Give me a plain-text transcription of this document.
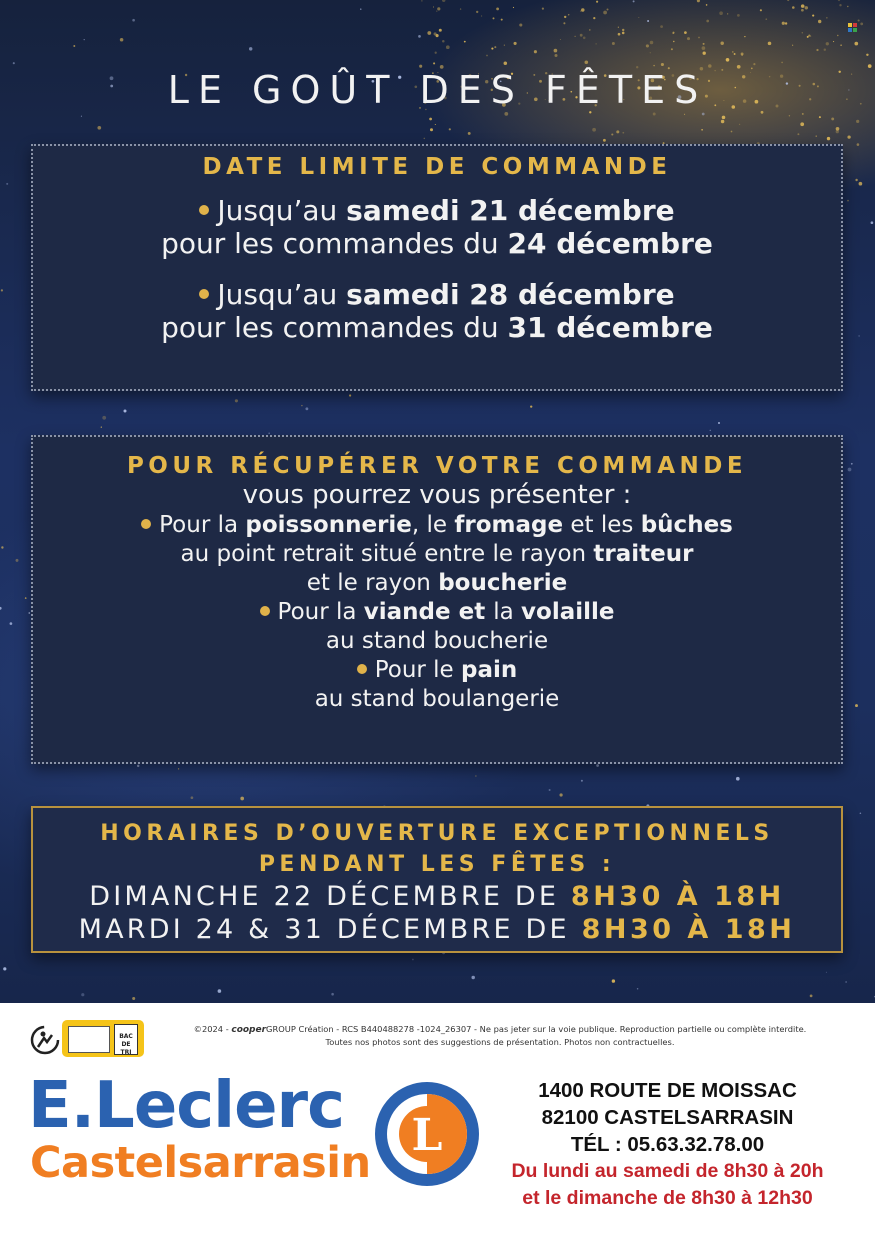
LE GOÛT DES FÊTES
DATE LIMITE DE COMMANDE
Jusqu’au samedi 21 décembre
pour les commandes du 24 décembre
Jusqu’au samedi 28 décembre
pour les commandes du 31 décembre
POUR RÉCUPÉRER VOTRE COMMANDE
vous pourrez vous présenter :
Pour la poissonnerie, le fromage et les bûches
au point retrait situé entre le rayon traiteur
et le rayon boucherie
Pour la viande et la volaille
au stand boucherie
Pour le pain
au stand boulangerie
HORAIRES D’OUVERTURE EXCEPTIONNELS
PENDANT LES FÊTES :
DIMANCHE 22 DÉCEMBRE DE 8H30 À 18H
MARDI 24 & 31 DÉCEMBRE DE 8H30 À 18H

BAC
DE
TRI
©2024 - cooperGROUP Création - RCS B440488278 -1024_26307 - Ne pas jeter sur la voie publique. Reproduction partielle ou complète interdite.
Toutes nos photos sont des suggestions de présentation. Photos non contractuelles.
E.Leclerc
Castelsarrasin
L
1400 ROUTE DE MOISSAC
82100 CASTELSARRASIN
TÉL : 05.63.32.78.00
Du lundi au samedi de 8h30 à 20h
et le dimanche de 8h30 à 12h30
